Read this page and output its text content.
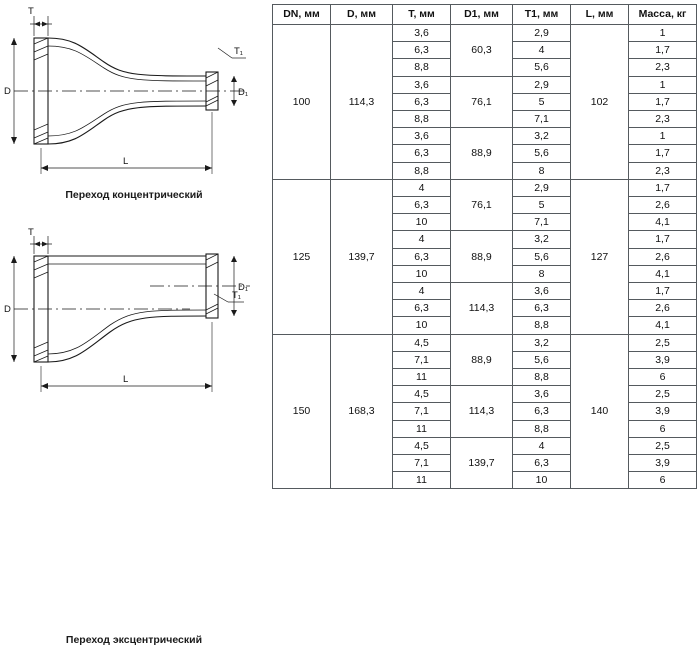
T
T₁
D	D₁
L
Переход концентрический
T
T₁
D
D₁
L
Переход эксцентрический
DN, мм	D, мм	T, мм	D1, мм	T1, мм	L, мм	Масса, кг
100	114,3	3,6	60,3	2,9	102	1
		6,3		4		1,7
		8,8		5,6		2,3
		3,6	76,1	2,9		1
		6,3		5		1,7
		8,8		7,1		2,3
		3,6	88,9	3,2		1
		6,3		5,6		1,7
		8,8		8		2,3
125	139,7	4	76,1	2,9	127	1,7
		6,3		5		2,6
		10		7,1		4,1
		4	88,9	3,2		1,7
		6,3		5,6		2,6
		10		8		4,1
		4	114,3	3,6		1,7
		6,3		6,3		2,6
		10		8,8		4,1
150	168,3	4,5	88,9	3,2	140	2,5
		7,1		5,6		3,9
		11		8,8		6
		4,5	114,3	3,6		2,5
		7,1		6,3		3,9
		11		8,8		6
		4,5	139,7	4		2,5
		7,1		6,3		3,9
		11		10		6
